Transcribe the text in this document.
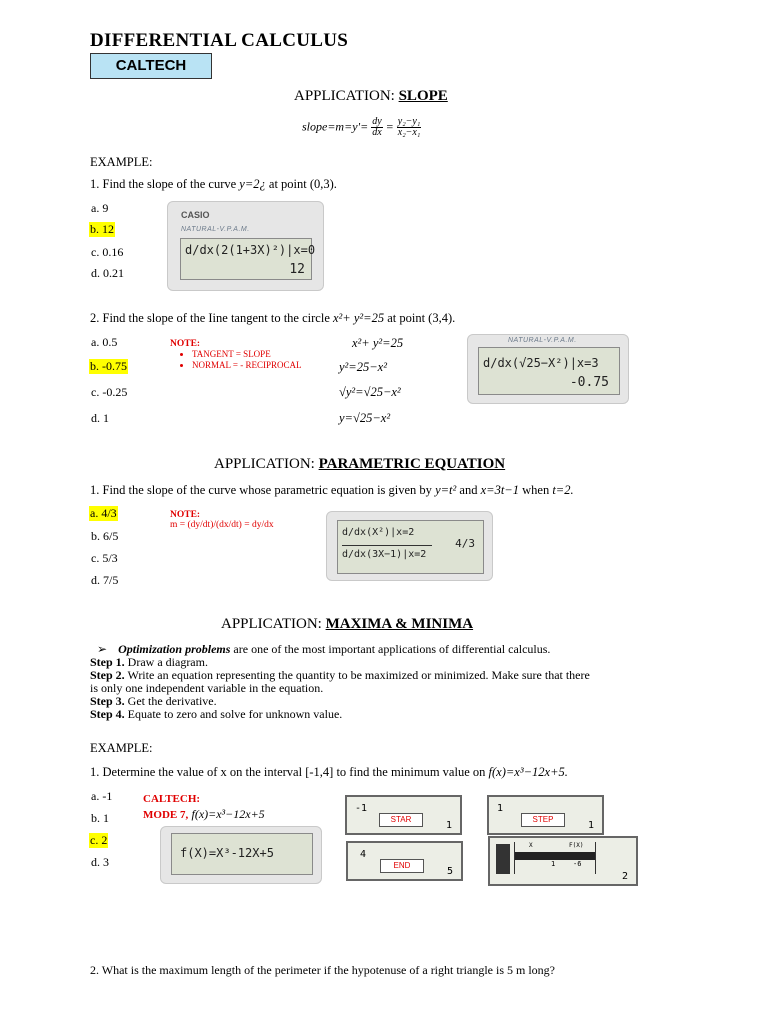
DIFFERENTIAL CALCULUS
CALTECH
APPLICATION: SLOPE
slope=m=y'= $\frac{dy}{dx} = \frac{\text{y₂−y₁}}{\text{x₂−x₁}}$
EXAMPLE:
1. Find the slope of the curve y=2¿ at point (0,3).
a. 9
b. 12
c. 0.16
d. 0.21
CASIO
NATURAL-V.P.A.M.
d/dx(2(1+3X)²)|x=0
12
2. Find the slope of the Iine tangent to the circle x²+ y²=25 at point (3,4).
a. 0.5
b. -0.75
c. -0.25
d. 1
NOTE:
• TANGENT = SLOPE
• NORMAL = - RECIPROCAL
x²+ y²=25
y²=25−x²
√y²=√25−x²
y=√25−x²
NATURAL-V.P.A.M.
d/dx(√25−X²)|x=3
-0.75
APPLICATION: PARAMETRIC EQUATION
1. Find the slope of the curve whose parametric equation is given by y=t² and x=3t−1 when t=2.
a. 4/3
b. 6/5
c. 5/3
d. 7/5
NOTE:
m = (dy/dt)/(dx/dt) = dy/dx
d/dx(X²)|x=2
d/dx(3X−1)|x=2
4/3
APPLICATION: MAXIMA & MINIMA
➢ Optimization problems are one of the most important applications of differential calculus.
Step 1. Draw a diagram.
Step 2. Write an equation representing the quantity to be maximized or minimized. Make sure that there
is only one independent variable in the equation.
Step 3. Get the derivative.
Step 4. Equate to zero and solve for unknown value.
EXAMPLE:
1. Determine the value of x on the interval [-1,4] to find the minimum value on f(x)=x³−12x+5.
a. -1
b. 1
c. 2
d. 3
CALTECH:
MODE 7, f(x)=x³−12x+5
f(X)=X³-12X+5
-1
STAR
1
1
STEP
1
4
END
5
X	F(X)
1	-6
2
2. What is the maximum length of the perimeter if the hypotenuse of a right triangle is 5 m long?
